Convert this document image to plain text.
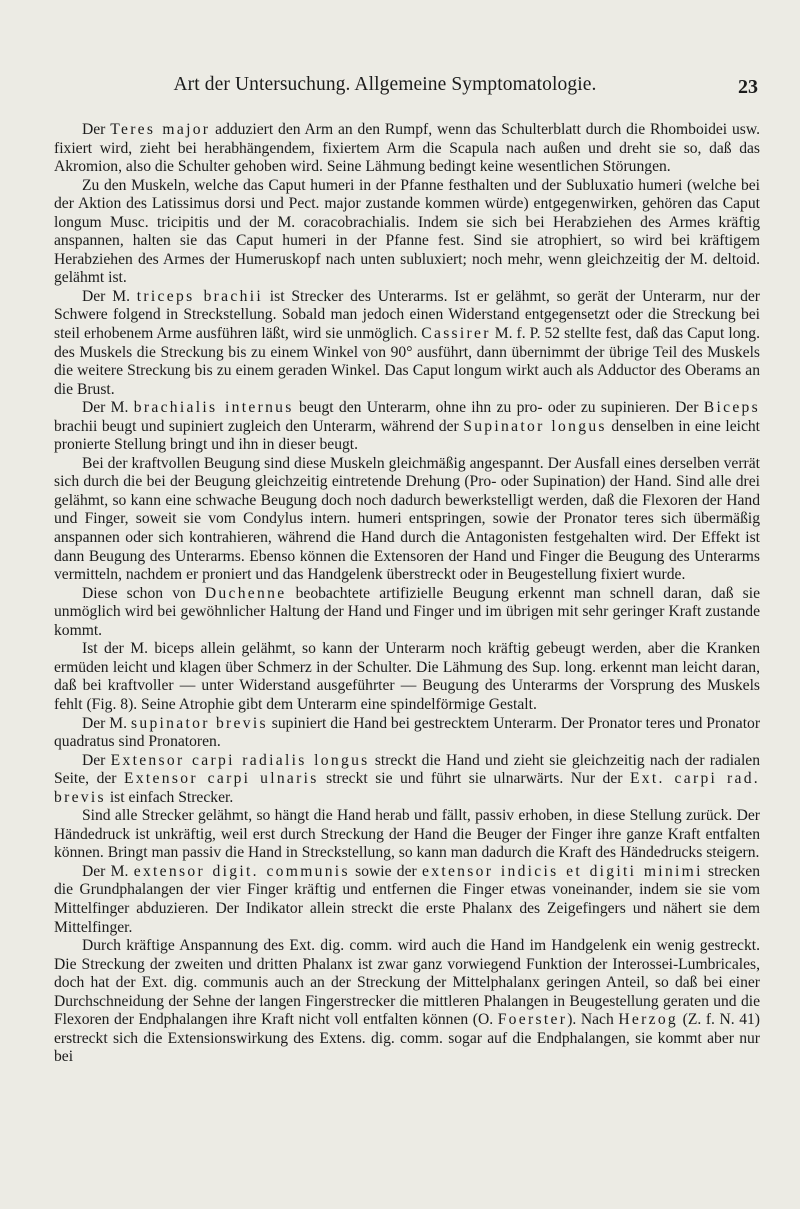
Art der Untersuchung. Allgemeine Symptomatologie.	23

Der Teres major adduziert den Arm an den Rumpf, wenn das Schulterblatt durch die Rhomboidei usw. fixiert wird, zieht bei herabhängendem, fixiertem Arm die Scapula nach außen und dreht sie so, daß das Akromion, also die Schulter gehoben wird. Seine Lähmung bedingt keine wesentlichen Störungen.

Zu den Muskeln, welche das Caput humeri in der Pfanne festhalten und der Subluxatio humeri (welche bei der Aktion des Latissimus dorsi und Pect. major zustande kommen würde) entgegenwirken, gehören das Caput longum Musc. tricipitis und der M. coracobrachialis. Indem sie sich bei Herabziehen des Armes kräftig anspannen, halten sie das Caput humeri in der Pfanne fest. Sind sie atrophiert, so wird bei kräftigem Herabziehen des Armes der Humeruskopf nach unten subluxiert; noch mehr, wenn gleichzeitig der M. deltoid. gelähmt ist.

Der M. triceps brachii ist Strecker des Unterarms. Ist er gelähmt, so gerät der Unterarm, nur der Schwere folgend in Streckstellung. Sobald man jedoch einen Widerstand entgegensetzt oder die Streckung bei steil erhobenem Arme ausführen läßt, wird sie unmöglich. Cassirer M. f. P. 52 stellte fest, daß das Caput long. des Muskels die Streckung bis zu einem Winkel von 90° ausführt, dann übernimmt der übrige Teil des Muskels die weitere Streckung bis zu einem geraden Winkel. Das Caput longum wirkt auch als Adductor des Oberams an die Brust.

Der M. brachialis internus beugt den Unterarm, ohne ihn zu pro- oder zu supinieren. Der Biceps brachii beugt und supiniert zugleich den Unterarm, während der Supinator longus denselben in eine leicht pronierte Stellung bringt und ihn in dieser beugt.

Bei der kraftvollen Beugung sind diese Muskeln gleichmäßig angespannt. Der Ausfall eines derselben verrät sich durch die bei der Beugung gleichzeitig eintretende Drehung (Pro- oder Supination) der Hand. Sind alle drei gelähmt, so kann eine schwache Beugung doch noch dadurch bewerkstelligt werden, daß die Flexoren der Hand und Finger, soweit sie vom Condylus intern. humeri entspringen, sowie der Pronator teres sich übermäßig anspannen oder sich kontrahieren, während die Hand durch die Antagonisten festgehalten wird. Der Effekt ist dann Beugung des Unterarms. Ebenso können die Extensoren der Hand und Finger die Beugung des Unterarms vermitteln, nachdem er proniert und das Handgelenk überstreckt oder in Beugestellung fixiert wurde.

Diese schon von Duchenne beobachtete artifizielle Beugung erkennt man schnell daran, daß sie unmöglich wird bei gewöhnlicher Haltung der Hand und Finger und im übrigen mit sehr geringer Kraft zustande kommt.

Ist der M. biceps allein gelähmt, so kann der Unterarm noch kräftig gebeugt werden, aber die Kranken ermüden leicht und klagen über Schmerz in der Schulter. Die Lähmung des Sup. long. erkennt man leicht daran, daß bei kraftvoller — unter Widerstand ausgeführter — Beugung des Unterarms der Vorsprung des Muskels fehlt (Fig. 8). Seine Atrophie gibt dem Unterarm eine spindelförmige Gestalt.

Der M. supinator brevis supiniert die Hand bei gestrecktem Unterarm. Der Pronator teres und Pronator quadratus sind Pronatoren.

Der Extensor carpi radialis longus streckt die Hand und zieht sie gleichzeitig nach der radialen Seite, der Extensor carpi ulnaris streckt sie und führt sie ulnarwärts. Nur der Ext. carpi rad. brevis ist einfach Strecker.

Sind alle Strecker gelähmt, so hängt die Hand herab und fällt, passiv erhoben, in diese Stellung zurück. Der Händedruck ist unkräftig, weil erst durch Streckung der Hand die Beuger der Finger ihre ganze Kraft entfalten können. Bringt man passiv die Hand in Streckstellung, so kann man dadurch die Kraft des Händedrucks steigern.

Der M. extensor digit. communis sowie der extensor indicis et digiti minimi strecken die Grundphalangen der vier Finger kräftig und entfernen die Finger etwas voneinander, indem sie sie vom Mittelfinger abduzieren. Der Indikator allein streckt die erste Phalanx des Zeigefingers und nähert sie dem Mittelfinger.

Durch kräftige Anspannung des Ext. dig. comm. wird auch die Hand im Handgelenk ein wenig gestreckt. Die Streckung der zweiten und dritten Phalanx ist zwar ganz vorwiegend Funktion der Interossei-Lumbricales, doch hat der Ext. dig. communis auch an der Streckung der Mittelphalanx geringen Anteil, so daß bei einer Durchschneidung der Sehne der langen Fingerstrecker die mittleren Phalangen in Beugestellung geraten und die Flexoren der Endphalangen ihre Kraft nicht voll entfalten können (O. Foerster). Nach Herzog (Z. f. N. 41) erstreckt sich die Extensionswirkung des Extens. dig. comm. sogar auf die Endphalangen, sie kommt aber nur bei
